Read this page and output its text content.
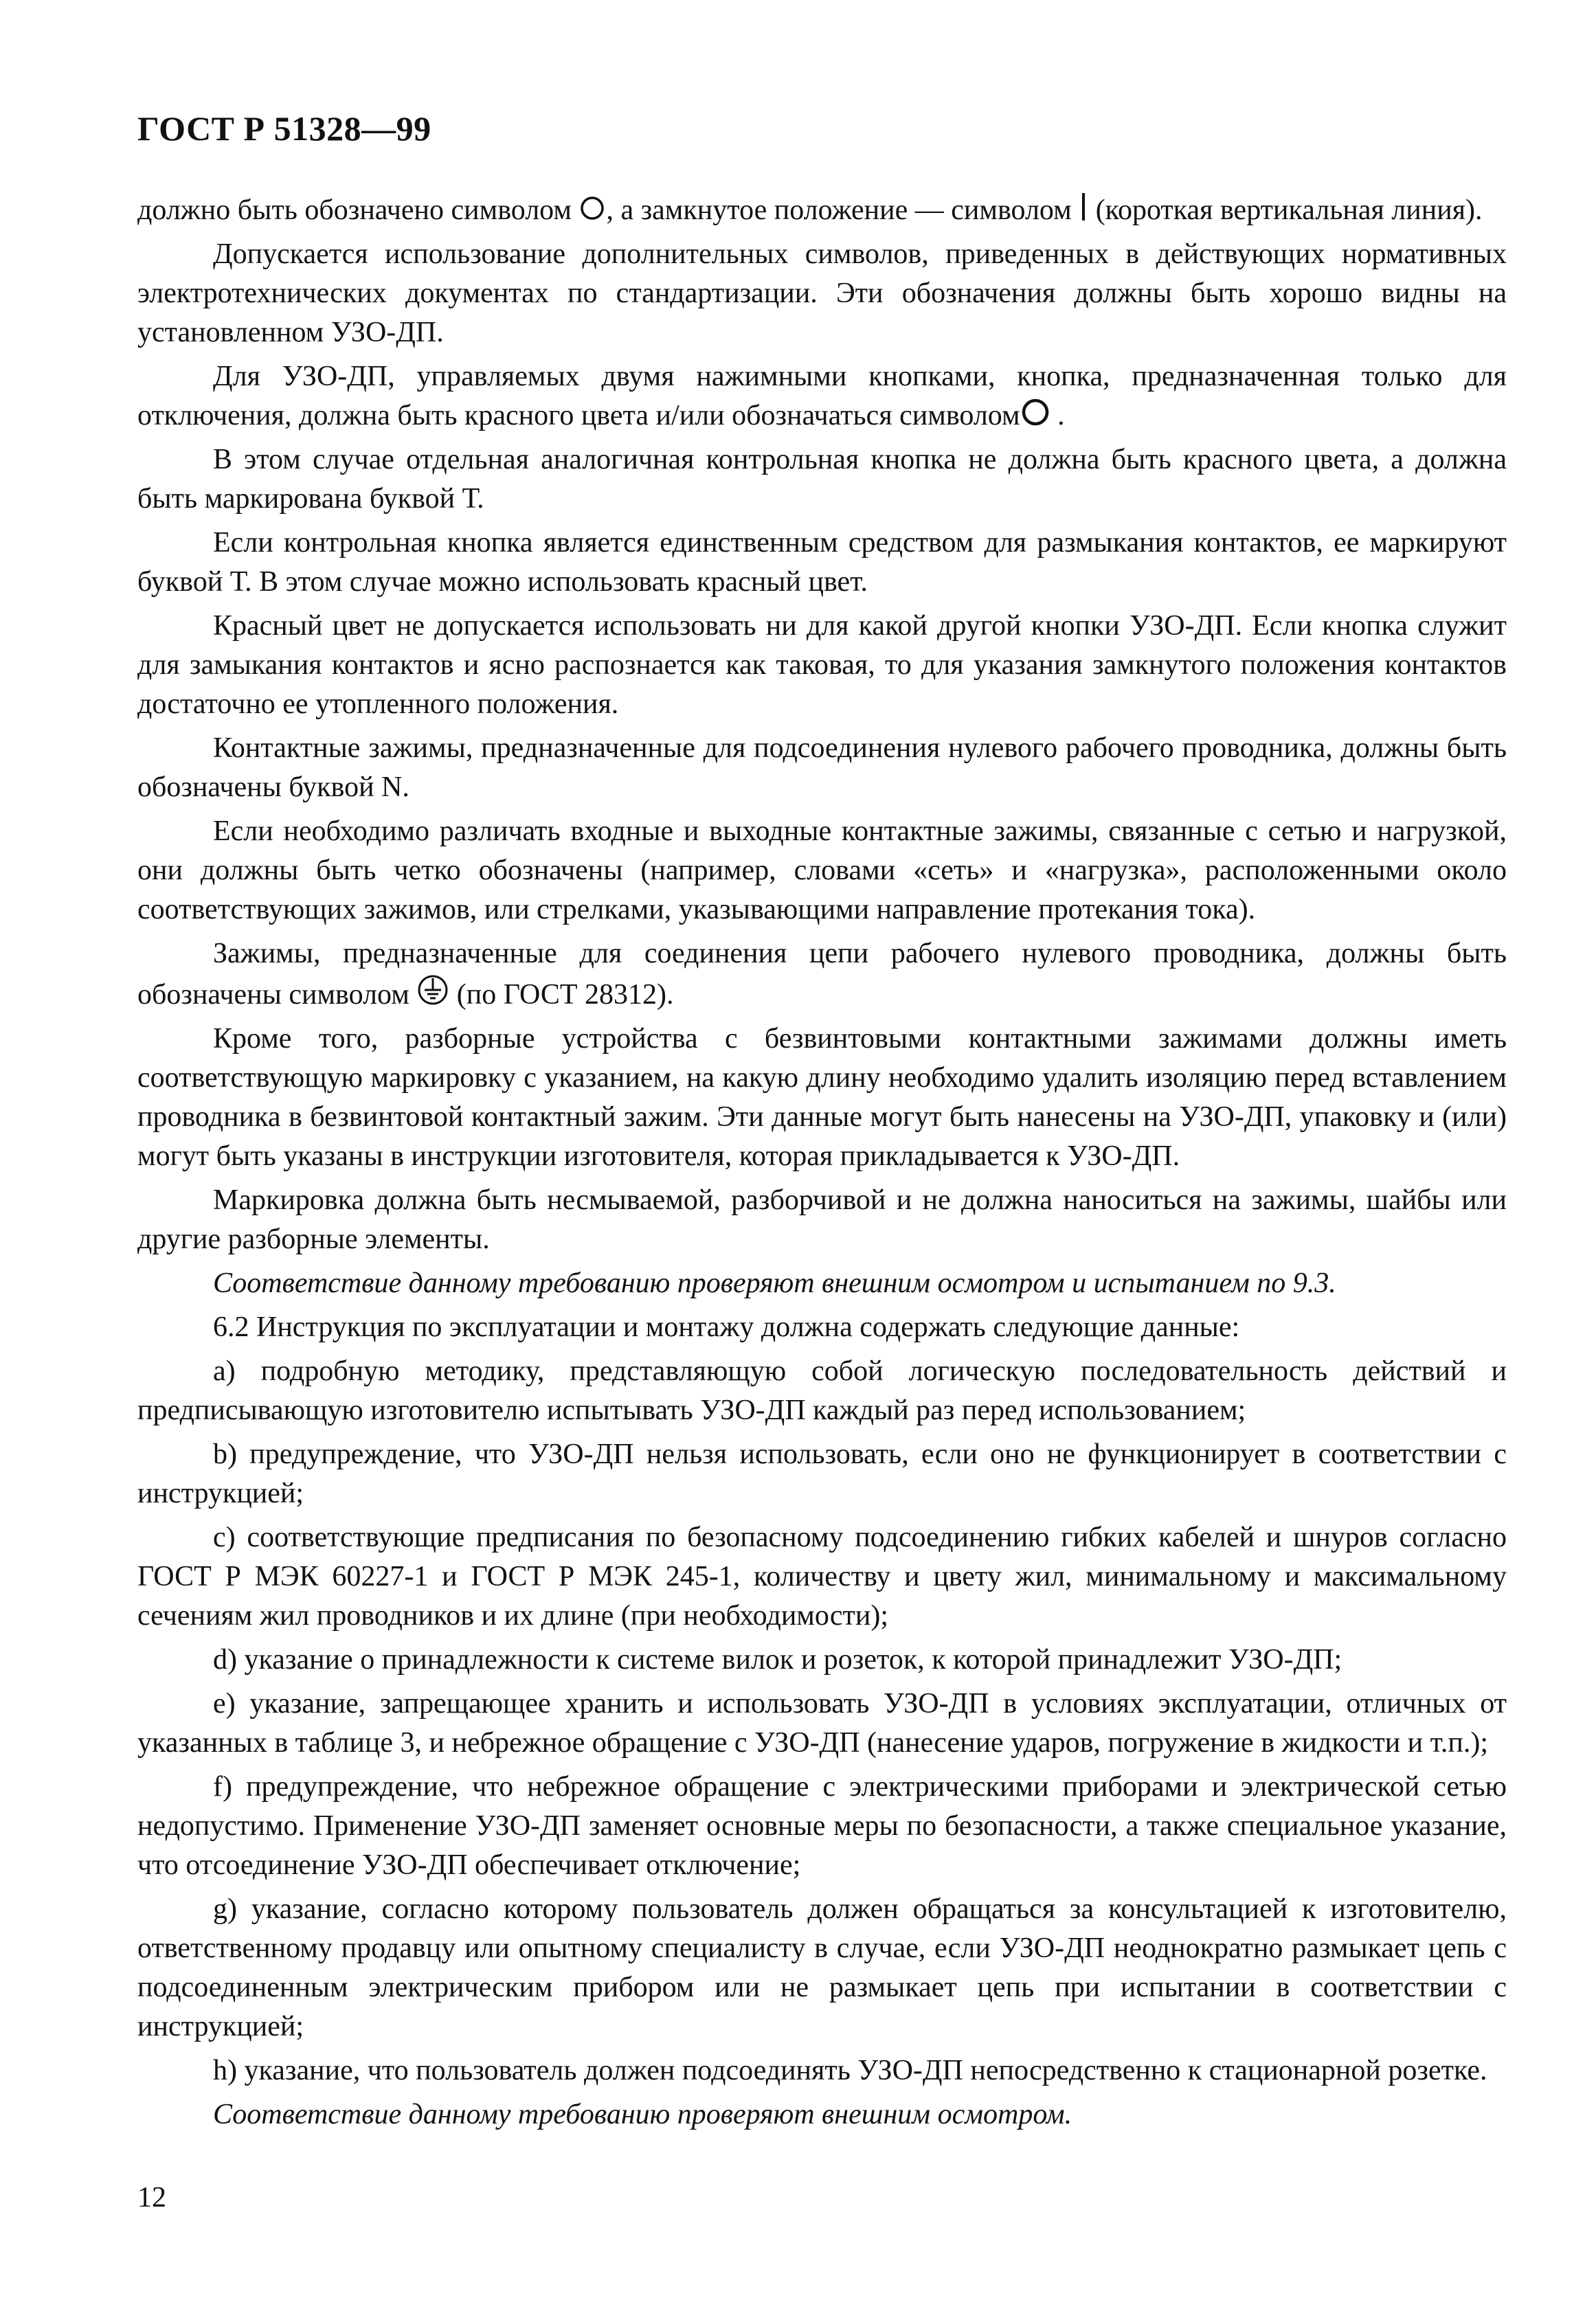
ГОСТ Р 51328—99

должно быть обозначено символом
, а замкнутое положение — символом
(короткая вертикальная линия).

Допускается использование дополнительных символов, приведенных в действующих нормативных электротехнических документах по стандартизации. Эти обозначения должны быть хорошо видны на установленном УЗО-ДП.

Для УЗО-ДП, управляемых двумя нажимными кнопками, кнопка, предназначенная только для отключения, должна быть красного цвета и/или обозначаться символом
.

В этом случае отдельная аналогичная контрольная кнопка не должна быть красного цвета, а должна быть маркирована буквой Т.

Если контрольная кнопка является единственным средством для размыкания контактов, ее маркируют буквой Т. В этом случае можно использовать красный цвет.

Красный цвет не допускается использовать ни для какой другой кнопки УЗО-ДП. Если кнопка служит для замыкания контактов и ясно распознается как таковая, то для указания замкнутого положения контактов достаточно ее утопленного положения.

Контактные зажимы, предназначенные для подсоединения нулевого рабочего проводника, должны быть обозначены буквой N.

Если необходимо различать входные и выходные контактные зажимы, связанные с сетью и нагрузкой, они должны быть четко обозначены (например, словами «сеть» и «нагрузка», расположенными около соответствующих зажимов, или стрелками, указывающими направление протекания тока).

Зажимы, предназначенные для соединения цепи рабочего нулевого проводника, должны быть обозначены символом
(по ГОСТ 28312).

Кроме того, разборные устройства с безвинтовыми контактными зажимами должны иметь соответствующую маркировку с указанием, на какую длину необходимо удалить изоляцию перед вставлением проводника в безвинтовой контактный зажим. Эти данные могут быть нанесены на УЗО-ДП, упаковку и (или) могут быть указаны в инструкции изготовителя, которая прикладывается к УЗО-ДП.

Маркировка должна быть несмываемой, разборчивой и не должна наноситься на зажимы, шайбы или другие разборные элементы.

Соответствие данному требованию проверяют внешним осмотром и испытанием по 9.3.

6.2 Инструкция по эксплуатации и монтажу должна содержать следующие данные:

а) подробную методику, представляющую собой логическую последовательность действий и предписывающую изготовителю испытывать УЗО-ДП каждый раз перед использованием;

b) предупреждение, что УЗО-ДП нельзя использовать, если оно не функционирует в соответствии с инструкцией;

с) соответствующие предписания по безопасному подсоединению гибких кабелей и шнуров согласно ГОСТ Р МЭК 60227-1 и ГОСТ Р МЭК 245-1, количеству и цвету жил, минимальному и максимальному сечениям жил проводников и их длине (при необходимости);

d) указание о принадлежности к системе вилок и розеток, к которой принадлежит УЗО-ДП;

е) указание, запрещающее хранить и использовать УЗО-ДП в условиях эксплуатации, отличных от указанных в таблице 3, и небрежное обращение с УЗО-ДП (нанесение ударов, погружение в жидкости и т.п.);

f) предупреждение, что небрежное обращение с электрическими приборами и электрической сетью недопустимо. Применение УЗО-ДП заменяет основные меры по безопасности, а также специальное указание, что отсоединение УЗО-ДП обеспечивает отключение;

g) указание, согласно которому пользователь должен обращаться за консультацией к изготовителю, ответственному продавцу или опытному специалисту в случае, если УЗО-ДП неоднократно размыкает цепь с подсоединенным электрическим прибором или не размыкает цепь при испытании в соответствии с инструкцией;

h) указание, что пользователь должен подсоединять УЗО-ДП непосредственно к стационарной розетке.

Соответствие данному требованию проверяют внешним осмотром.

12
